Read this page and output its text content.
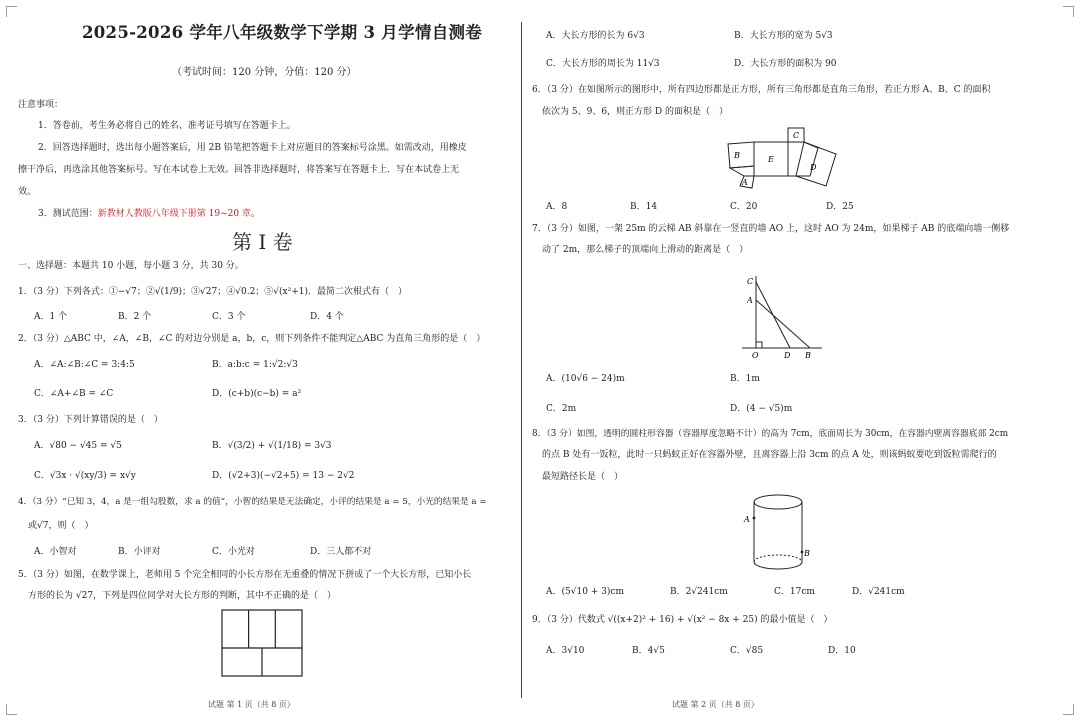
2025-2026 学年八年级数学下学期 3 月学情自测卷
（考试时间：120 分钟，分值：120 分）
注意事项：
1．答卷前，考生务必将自己的姓名、准考证号填写在答题卡上。
2．回答选择题时，选出每小题答案后，用 2B 铅笔把答题卡上对应题目的答案标号涂黑。如需改动，用橡皮
擦干净后，再选涂其他答案标号。写在本试卷上无效。回答非选择题时，将答案写在答题卡上．写在本试卷上无
效。
3．测试范围：新教材人教版八年级下册第 19~20 章。
第 I 卷
一、选择题：本题共 10 小题，每小题 3 分，共 30 分。
1．（3 分）下列各式：①−√7；②√(1/9)；③√27；④√0.2；⑤√(x²+1)．最简二次根式有（　）
A．1 个	B．2 个	C．3 个	D．4 个
2．（3 分）△ABC 中，∠A，∠B，∠C 的对边分别是 a，b，c，则下列条件不能判定△ABC 为直角三角形的是（　）
A．∠A:∠B:∠C = 3:4:5	B．a:b:c = 1:√2:√3
C．∠A+∠B = ∠C	D．(c+b)(c−b) = a²
3．（3 分）下列计算错误的是（　）
A．√80 − √45 = √5	B．√(3/2) + √(1/18) = 3√3
C．√3x · √(xy/3) = x√y	D．(√2+3)(−√2+5) = 13 − 2√2
4．（3 分）“已知 3，4，a 是一组勾股数，求 a 的值”，小智的结果是无法确定，小评的结果是 a = 5，小光的结果是 a =
或√7，则（　）
A．小智对	B．小评对	C．小光对	D．三人都不对
5．（3 分）如图，在数学课上，老师用 5 个完全相同的小长方形在无重叠的情况下拼成了一个大长方形，已知小长
方形的长为 √27，下列是四位同学对大长方形的判断，其中不正确的是（　）
试题 第 1 页（共 8 页）
A．大长方形的长为 6√3	B．大长方形的宽为 5√3
C．大长方形的周长为 11√3	D．大长方形的面积为 90
6．（3 分）在如图所示的图形中，所有四边形都是正方形，所有三角形都是直角三角形，若正方形 A、B、C 的面积
依次为 5、9、6，则正方形 D 的面积是（　）
A
B
C
D
E
A．8	B．14	C．20	D．25
7．（3 分）如图，一架 25m 的云梯 AB 斜靠在一竖直的墙 AO 上，这时 AO 为 24m，如果梯子 AB 的底端向墙一侧移
动了 2m，那么梯子的顶端向上滑动的距离是（　）
C
A
O	D B
A．(10√6 − 24)m	B．1m
C．2m	D．(4 − √5)m
8．（3 分）如图，透明的圆柱形容器（容器厚度忽略不计）的高为 7cm，底面周长为 30cm，在容器内壁离容器底部 2cm
的点 B 处有一饭粒，此时一只蚂蚁正好在容器外壁，且离容器上沿 3cm 的点 A 处，则该蚂蚁要吃到饭粒需爬行的
最短路径长是（　）
A
B
A．(5√10 + 3)cm	B．2√241cm	C．17cm	D．√241cm
9．（3 分）代数式 √((x+2)² + 16) + √(x² − 8x + 25) 的最小值是（　）
A．3√10	B．4√5	C．√85	D．10
试题 第 2 页（共 8 页）
